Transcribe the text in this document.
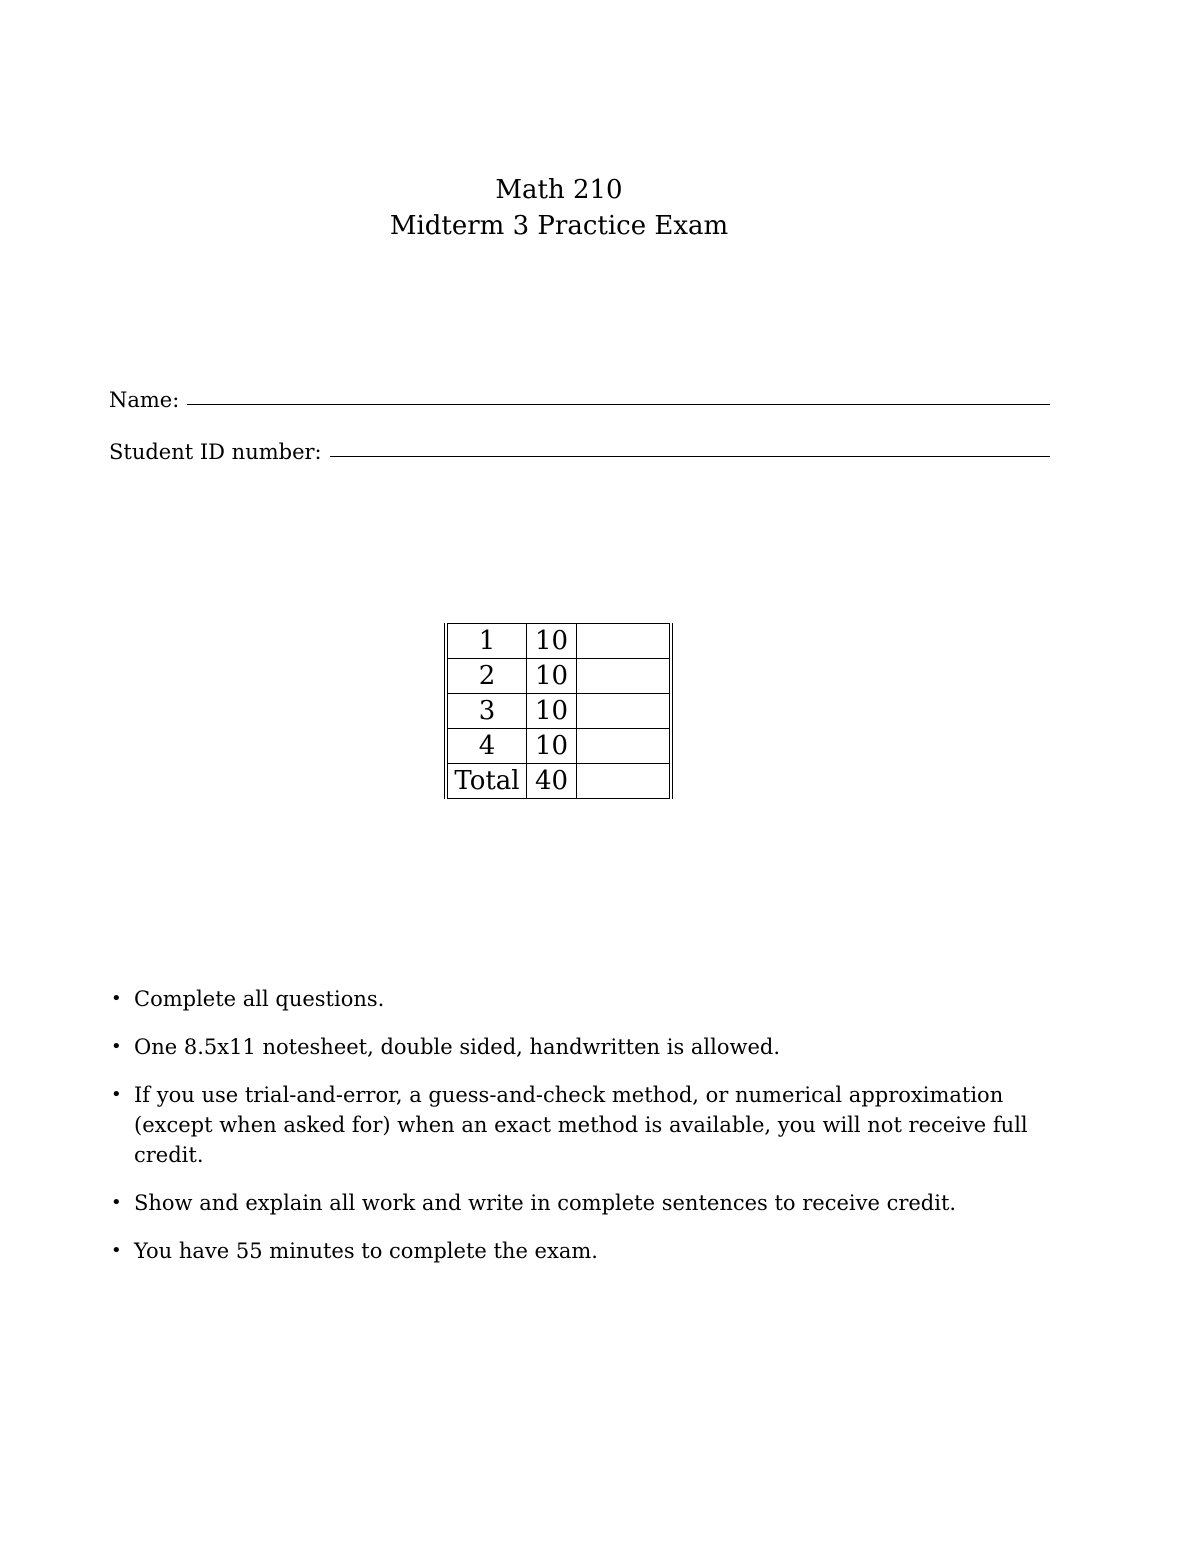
Math 210
Midterm 3 Practice Exam
Name:
Student ID number:
1	10	
2	10	
3	10	
4	10	
Total	40	
• Complete all questions.
• One 8.5x11 notesheet, double sided, handwritten is allowed.
• If you use trial-and-error, a guess-and-check method, or numerical approximation (except when asked for) when an exact method is available, you will not receive full credit.
• Show and explain all work and write in complete sentences to receive credit.
• You have 55 minutes to complete the exam.
